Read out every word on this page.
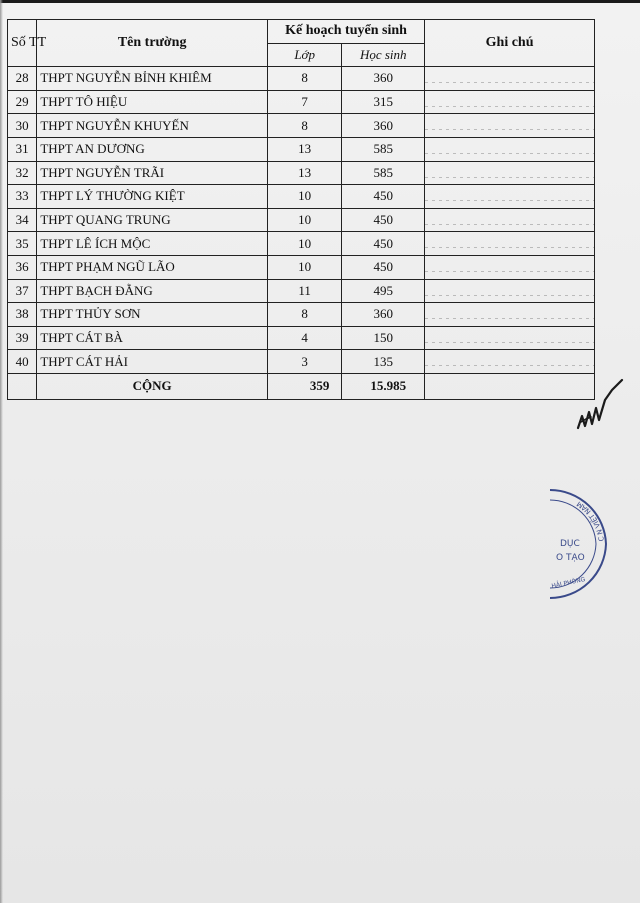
Số TT	Tên trường	Kế hoạch tuyển sinh		Ghi chú
		Lớp	Học sinh	
28	THPT NGUYỄN BỈNH KHIÊM	8	360	
29	THPT TÔ HIỆU	7	315	
30	THPT NGUYỄN KHUYẾN	8	360	
31	THPT AN DƯƠNG	13	585	
32	THPT NGUYỄN TRÃI	13	585	
33	THPT LÝ THƯỜNG KIỆT	10	450	
34	THPT QUANG TRUNG	10	450	
35	THPT LÊ ÍCH MỘC	10	450	
36	THPT PHẠM NGŨ LÃO	10	450	
37	THPT BẠCH ĐẰNG	11	495	
38	THPT THỦY SƠN	8	360	
39	THPT CÁT BÀ	4	150	
40	THPT CÁT HẢI	3	135	
	CỘNG	359	15.985	
C N VIỆT NAM
DỤC
O TẠO
HẢI PHÒNG
